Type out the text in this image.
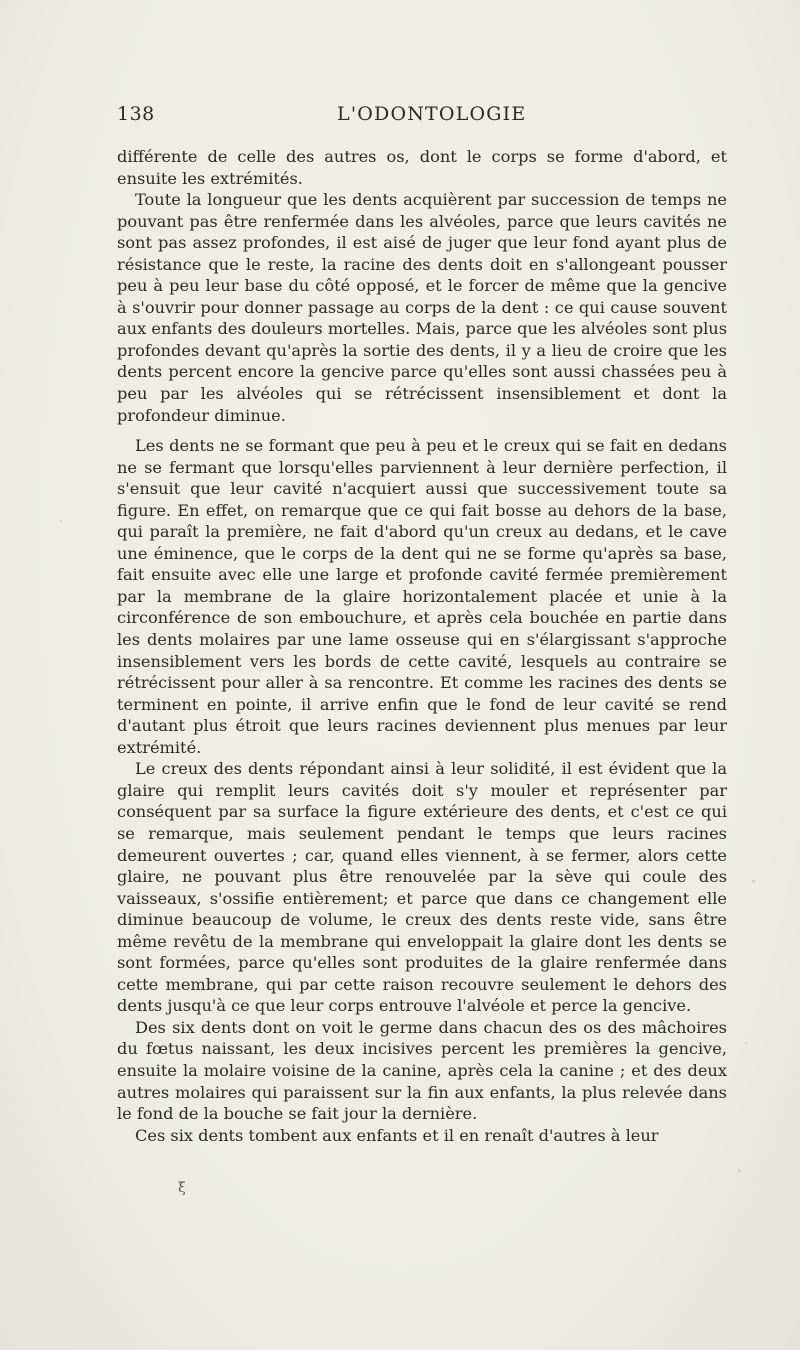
138	L'ODONTOLOGIE

différente de celle des autres os, dont le corps se forme d'abord, et ensuite les extrémités.

Toute la longueur que les dents acquièrent par succession de temps ne pouvant pas être renfermée dans les alvéoles, parce que leurs cavités ne sont pas assez profondes, il est aisé de juger que leur fond ayant plus de résistance que le reste, la racine des dents doit en s'allongeant pousser peu à peu leur base du côté opposé, et le forcer de même que la gencive à s'ouvrir pour donner passage au corps de la dent : ce qui cause souvent aux enfants des douleurs mortelles. Mais, parce que les alvéoles sont plus profondes devant qu'après la sortie des dents, il y a lieu de croire que les dents percent encore la gencive parce qu'elles sont aussi chassées peu à peu par les alvéoles qui se rétrécissent insensiblement et dont la profondeur diminue.

Les dents ne se formant que peu à peu et le creux qui se fait en dedans ne se fermant que lorsqu'elles parviennent à leur dernière perfection, il s'ensuit que leur cavité n'acquiert aussi que successivement toute sa figure. En effet, on remarque que ce qui fait bosse au dehors de la base, qui paraît la première, ne fait d'abord qu'un creux au dedans, et le cave une éminence, que le corps de la dent qui ne se forme qu'après sa base, fait ensuite avec elle une large et profonde cavité fermée premièrement par la membrane de la glaire horizontalement placée et unie à la circonférence de son embouchure, et après cela bouchée en partie dans les dents molaires par une lame osseuse qui en s'élargissant s'approche insensiblement vers les bords de cette cavité, lesquels au contraire se rétrécissent pour aller à sa rencontre. Et comme les racines des dents se terminent en pointe, il arrive enfin que le fond de leur cavité se rend d'autant plus étroit que leurs racines deviennent plus menues par leur extrémité.

Le creux des dents répondant ainsi à leur solidité, il est évident que la glaire qui remplit leurs cavités doit s'y mouler et représenter par conséquent par sa surface la figure extérieure des dents, et c'est ce qui se remarque, mais seulement pendant le temps que leurs racines demeurent ouvertes ; car, quand elles viennent, à se fermer, alors cette glaire, ne pouvant plus être renouvelée par la sève qui coule des vaisseaux, s'ossifie entièrement; et parce que dans ce changement elle diminue beaucoup de volume, le creux des dents reste vide, sans être même revêtu de la membrane qui enveloppait la glaire dont les dents se sont formées, parce qu'elles sont produites de la glaire renfermée dans cette membrane, qui par cette raison recouvre seulement le dehors des dents jusqu'à ce que leur corps entrouve l'alvéole et perce la gencive.

Des six dents dont on voit le germe dans chacun des os des mâchoires du fœtus naissant, les deux incisives percent les premières la gencive, ensuite la molaire voisine de la canine, après cela la canine ; et des deux autres molaires qui paraissent sur la fin aux enfants, la plus relevée dans le fond de la bouche se fait jour la dernière.

Ces six dents tombent aux enfants et il en renaît d'autres à leur

ξ
